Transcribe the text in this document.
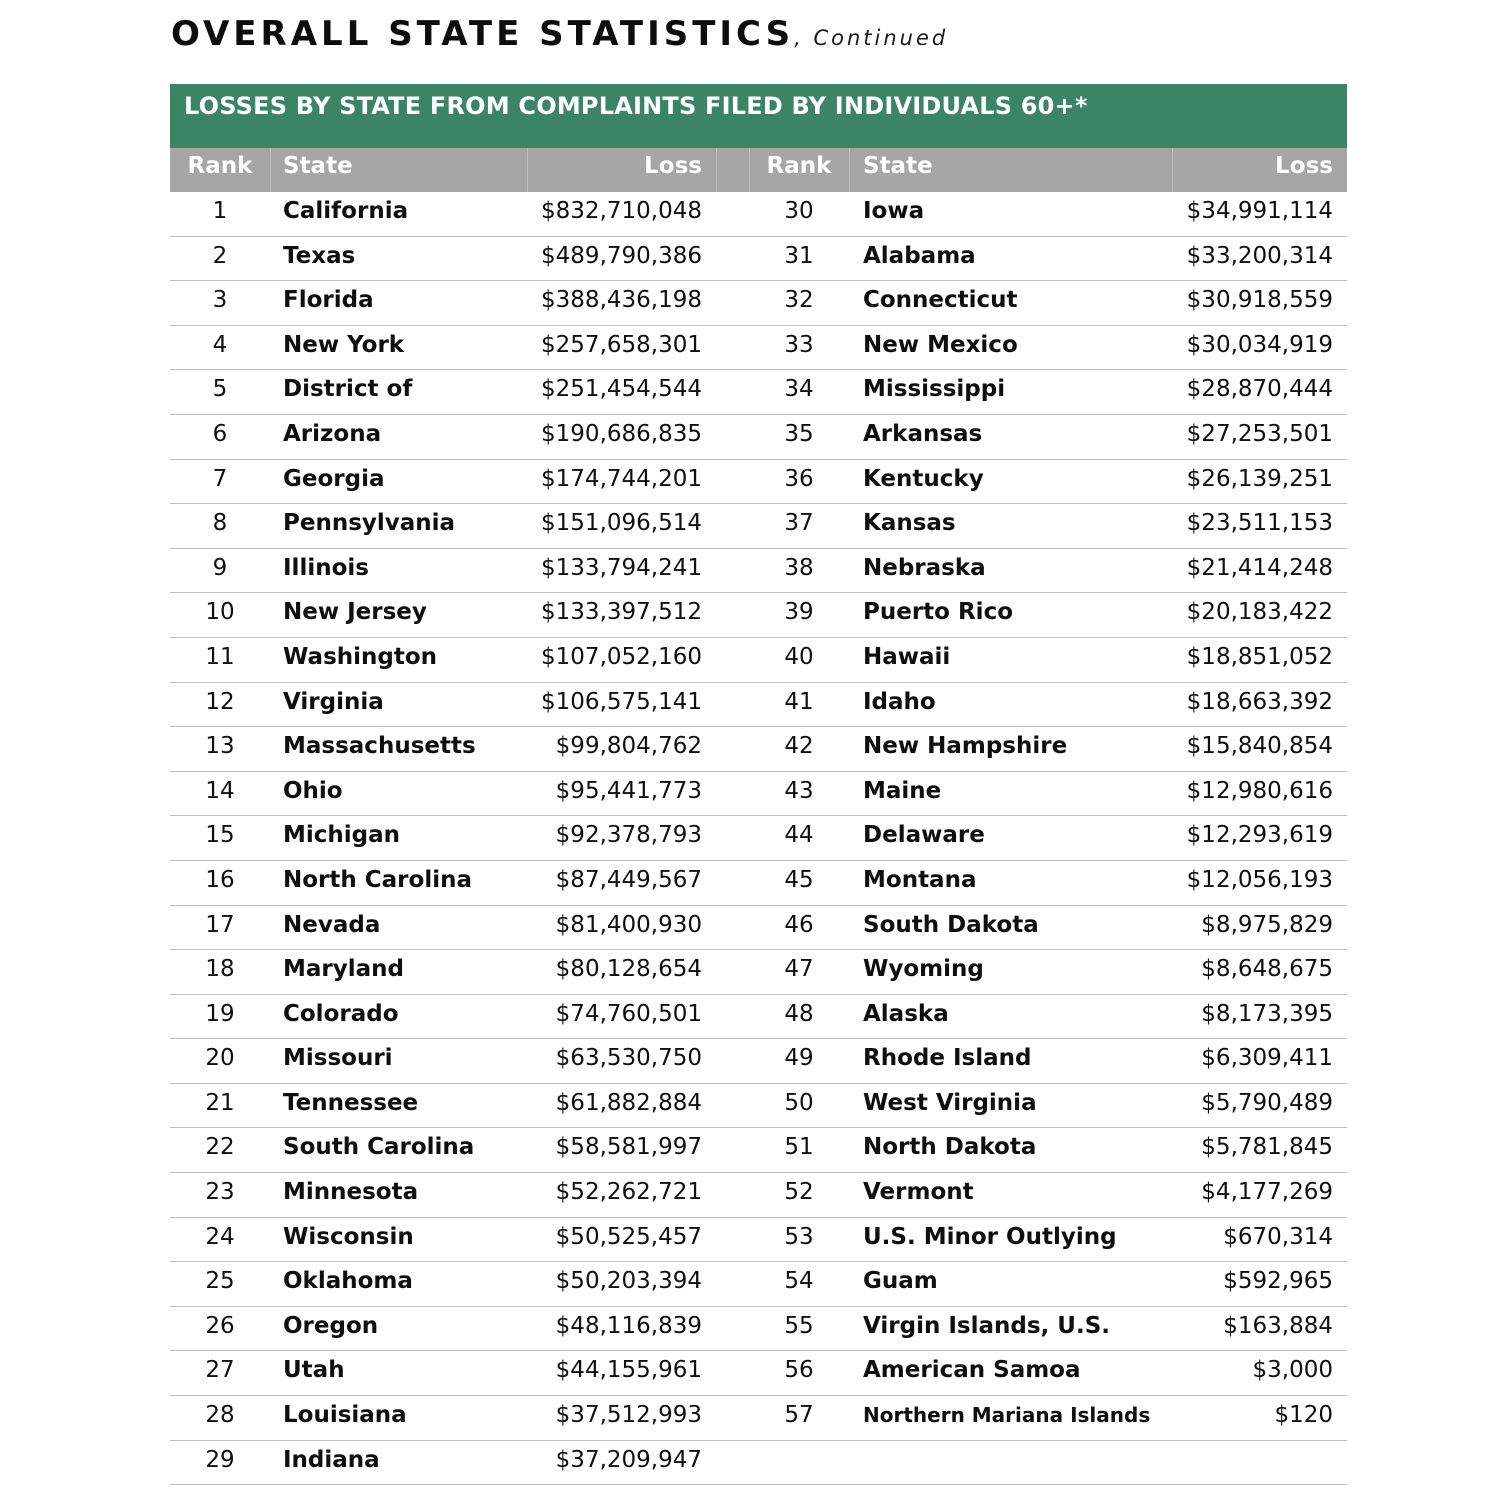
OVERALL STATE STATISTICS, Continued
LOSSES BY STATE FROM COMPLAINTS FILED BY INDIVIDUALS 60+*
Rank	State	Loss	Rank	State	Loss
1	California	$832,710,048	30	Iowa	$34,991,114
2	Texas	$489,790,386	31	Alabama	$33,200,314
3	Florida	$388,436,198	32	Connecticut	$30,918,559
4	New York	$257,658,301	33	New Mexico	$30,034,919
5	District of	$251,454,544	34	Mississippi	$28,870,444
6	Arizona	$190,686,835	35	Arkansas	$27,253,501
7	Georgia	$174,744,201	36	Kentucky	$26,139,251
8	Pennsylvania	$151,096,514	37	Kansas	$23,511,153
9	Illinois	$133,794,241	38	Nebraska	$21,414,248
10	New Jersey	$133,397,512	39	Puerto Rico	$20,183,422
11	Washington	$107,052,160	40	Hawaii	$18,851,052
12	Virginia	$106,575,141	41	Idaho	$18,663,392
13	Massachusetts	$99,804,762	42	New Hampshire	$15,840,854
14	Ohio	$95,441,773	43	Maine	$12,980,616
15	Michigan	$92,378,793	44	Delaware	$12,293,619
16	North Carolina	$87,449,567	45	Montana	$12,056,193
17	Nevada	$81,400,930	46	South Dakota	$8,975,829
18	Maryland	$80,128,654	47	Wyoming	$8,648,675
19	Colorado	$74,760,501	48	Alaska	$8,173,395
20	Missouri	$63,530,750	49	Rhode Island	$6,309,411
21	Tennessee	$61,882,884	50	West Virginia	$5,790,489
22	South Carolina	$58,581,997	51	North Dakota	$5,781,845
23	Minnesota	$52,262,721	52	Vermont	$4,177,269
24	Wisconsin	$50,525,457	53	U.S. Minor Outlying	$670,314
25	Oklahoma	$50,203,394	54	Guam	$592,965
26	Oregon	$48,116,839	55	Virgin Islands, U.S.	$163,884
27	Utah	$44,155,961	56	American Samoa	$3,000
28	Louisiana	$37,512,993	57	Northern Mariana Islands	$120
29	Indiana	$37,209,947
